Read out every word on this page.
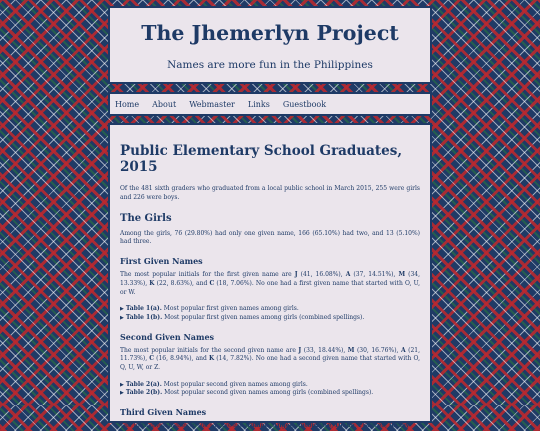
The Jhemerlyn Project
Names are more fun in the Philippines
Home About Webmaster Links Guestbook
Public Elementary School Graduates, 2015

Of the 481 sixth graders who graduated from a local public school in March 2015, 255 were girls and 226 were boys.

The Girls

Among the girls, 76 (29.80%) had only one given name, 166 (65.10%) had two, and 13 (5.10%) had three.

First Given Names

The most popular initials for the first given name are J (41, 16.08%), A (37, 14.51%), M (34, 13.33%), K (22, 8.63%), and C (18, 7.06%). No one had a first given name that started with O, U, or W.

▶ Table 1(a). Most popular first given names among girls.
▶ Table 1(b). Most popular first given names among girls (combined spellings).
Second Given Names

The most popular initials for the second given name are J (33, 18.44%), M (30, 16.76%), A (21, 11.73%), C (16, 8.94%), and K (14, 7.82%). No one had a second given name that started with O, Q, U, W, or Z.

▶ Table 2(a). Most popular second given names among girls.
▶ Table 2(b). Most popular second given names among girls (combined spellings).
Third Given Names

The third given names in the sample are Allaine, Angel, Antoinette, Diane, Frances, Jersey
